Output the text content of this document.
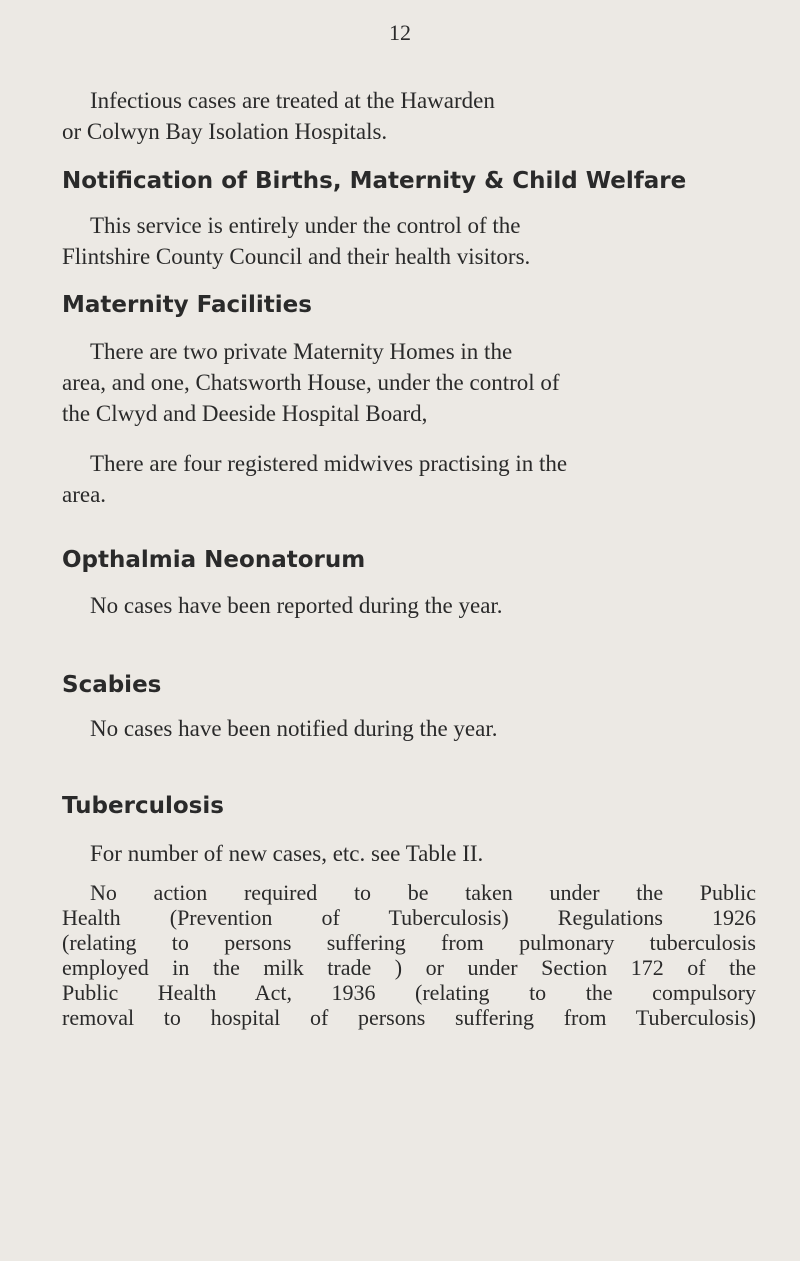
12

Infectious cases are treated at the Hawarden
or Colwyn Bay Isolation Hospitals.

Notification of Births, Maternity & Child Welfare

This service is entirely under the control of the
Flintshire County Council and their health visitors.

Maternity Facilities

There are two private Maternity Homes in the
area, and one, Chatsworth House, under the control of
the Clwyd and Deeside Hospital Board,

There are four registered midwives practising in the
area.

Opthalmia Neonatorum

No cases have been reported during the year.

Scabies

No cases have been notified during the year.

Tuberculosis

For number of new cases, etc. see Table II.

No action required to be taken under the Public
Health (Prevention of Tuberculosis) Regulations 1926
(relating to persons suffering from pulmonary tuberculosis
employed in the milk trade ) or under Section 172 of the
Public Health Act, 1936 (relating to the compulsory
removal to hospital of persons suffering from Tuberculosis)
